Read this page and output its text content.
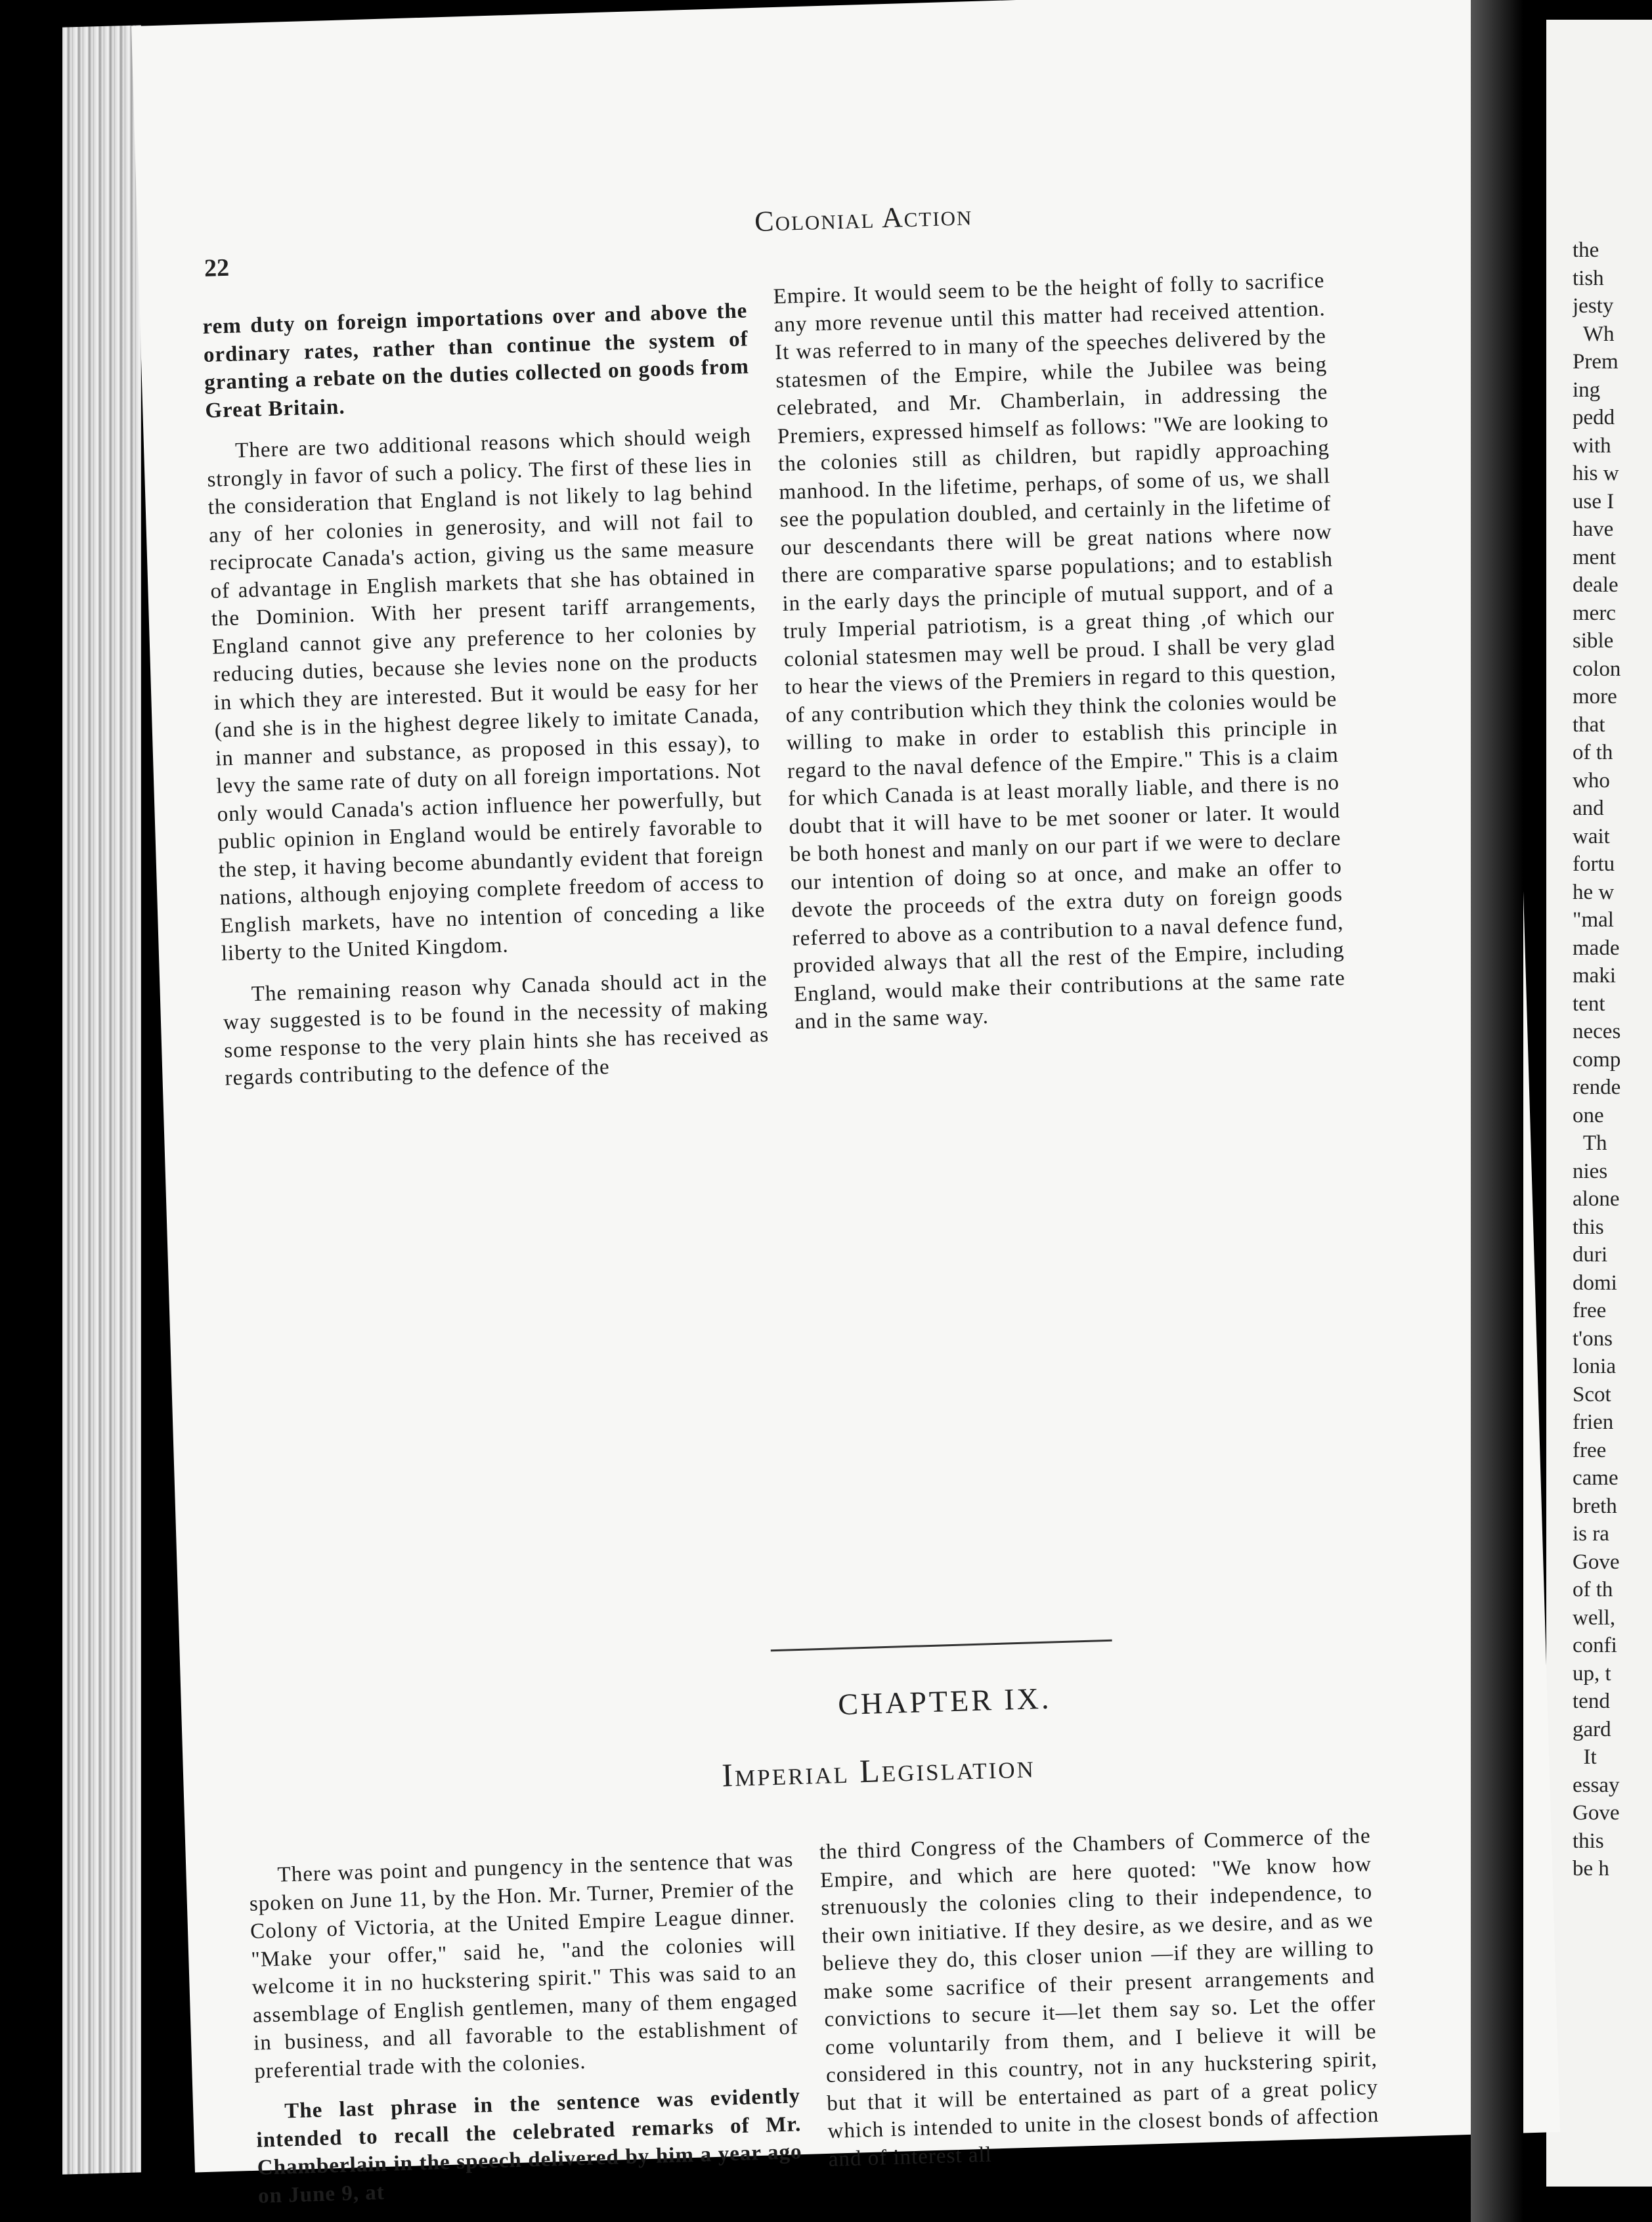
the
tish
jesty
Wh
Prem
ing
pedd
with
his w
use I
have
ment
deale
merc
sible
colon
more
that
of th
who
and
wait
fortu
he w
"mal
made
maki
tent
neces
comp
rende
one
Th
nies
alone
this
duri
domi
free
t'ons
lonia
Scot
frien
free
came
breth
is ra
Gove
of th
well,
confi
up, t
tend
gard
It
essay
Gove
this
be h
22
Colonial Action

rem duty on foreign importations over and above the ordinary rates, rather than continue the system of granting a rebate on the duties collected on goods from Great Britain.

There are two additional reasons which should weigh strongly in favor of such a policy. The first of these lies in the consideration that England is not likely to lag behind any of her colonies in generosity, and will not fail to reciprocate Canada's action, giving us the same measure of advantage in English markets that she has obtained in the Dominion. With her present tariff arrangements, England cannot give any preference to her colonies by reducing duties, because she levies none on the products in which they are interested. But it would be easy for her (and she is in the highest degree likely to imitate Canada, in manner and substance, as proposed in this essay), to levy the same rate of duty on all foreign importations. Not only would Canada's action influence her powerfully, but public opinion in England would be entirely favorable to the step, it having become abundantly evident that foreign nations, although enjoying complete freedom of access to English markets, have no intention of conceding a like liberty to the United Kingdom.

The remaining reason why Canada should act in the way suggested is to be found in the necessity of making some response to the very plain hints she has received as regards contributing to the defence of the

Empire. It would seem to be the height of folly to sacrifice any more revenue until this matter had received attention. It was referred to in many of the speeches delivered by the statesmen of the Empire, while the Jubilee was being celebrated, and Mr. Chamberlain, in addressing the Premiers, expressed himself as follows: "We are looking to the colonies still as children, but rapidly approaching manhood. In the lifetime, perhaps, of some of us, we shall see the population doubled, and certainly in the lifetime of our descendants there will be great nations where now there are comparative sparse populations; and to establish in the early days the principle of mutual support, and of a truly Imperial patriotism, is a great thing ,of which our colonial statesmen may well be proud. I shall be very glad to hear the views of the Premiers in regard to this question, of any contribution which they think the colonies would be willing to make in order to establish this principle in regard to the naval defence of the Empire." This is a claim for which Canada is at least morally liable, and there is no doubt that it will have to be met sooner or later. It would be both honest and manly on our part if we were to declare our intention of doing so at once, and make an offer to devote the proceeds of the extra duty on foreign goods referred to above as a contribution to a naval defence fund, provided always that all the rest of the Empire, including England, would make their contributions at the same rate and in the same way.

CHAPTER IX.
Imperial Legislation

There was point and pungency in the sentence that was spoken on June 11, by the Hon. Mr. Turner, Premier of the Colony of Victoria, at the United Empire League dinner. "Make your offer," said he, "and the colonies will welcome it in no huckstering spirit." This was said to an assemblage of English gentlemen, many of them engaged in business, and all favorable to the establishment of preferential trade with the colonies.

The last phrase in the sentence was evidently intended to recall the celebrated remarks of Mr. Chamberlain in the speech delivered by him a year ago on June 9, at

the third Congress of the Chambers of Commerce of the Empire, and which are here quoted: "We know how strenuously the colonies cling to their independence, to their own initiative. If they desire, as we desire, and as we believe they do, this closer union —if they are willing to make some sacrifice of their present arrangements and convictions to secure it—let them say so. Let the offer come voluntarily from them, and I believe it will be considered in this country, not in any huckstering spirit, but that it will be entertained as part of a great policy which is intended to unite in the closest bonds of affection and of interest all
